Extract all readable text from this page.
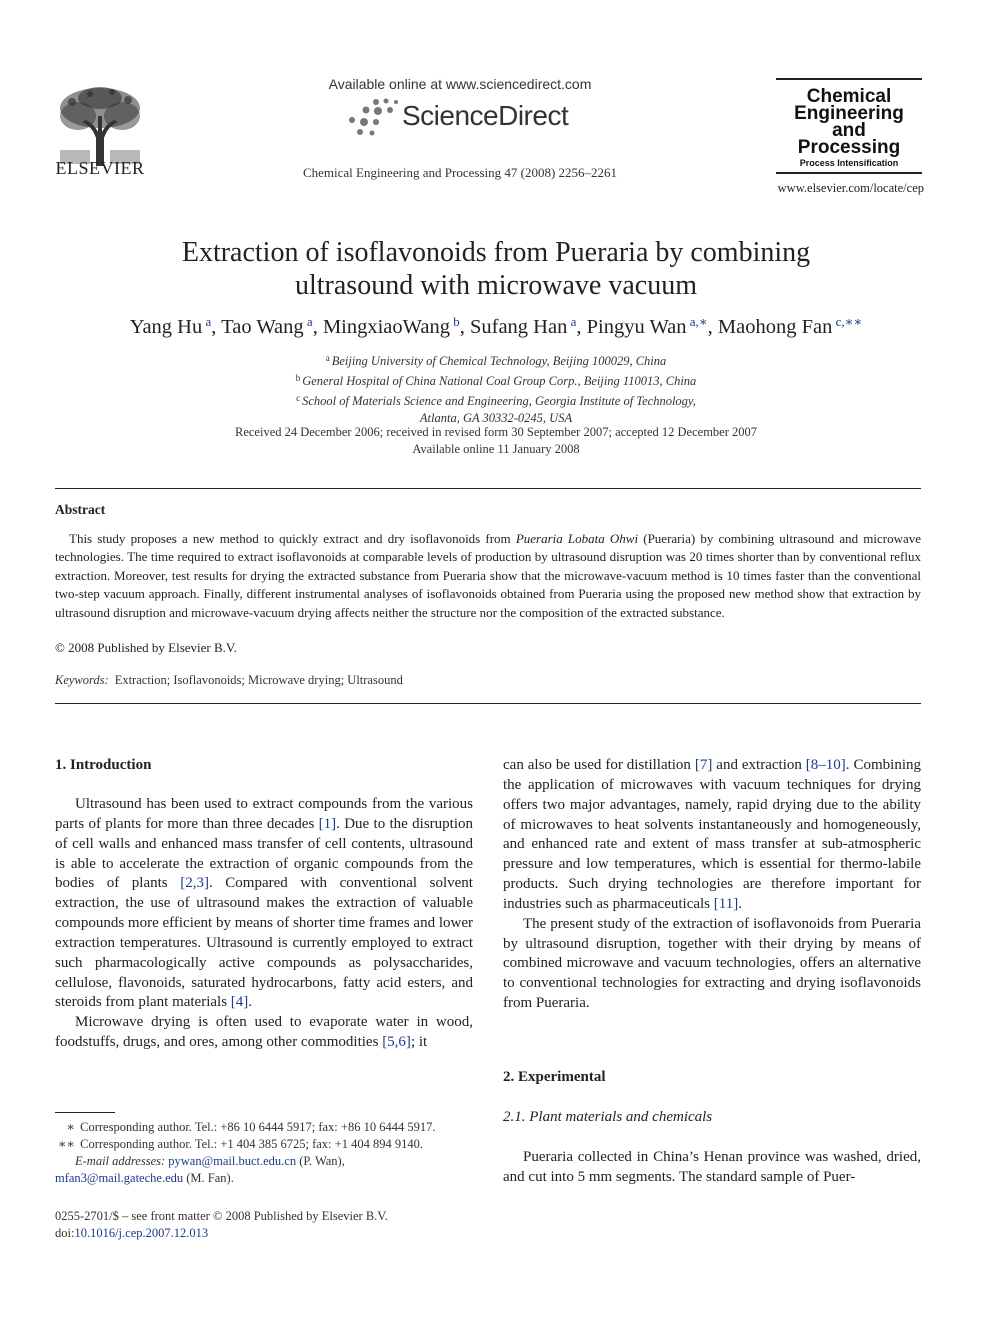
ELSEVIER
Available online at www.sciencedirect.com
ScienceDirect
Chemical Engineering and Processing 47 (2008) 2256–2261
Chemical
Engineering
and
Processing
Process Intensification
www.elsevier.com/locate/cep
Extraction of isoflavonoids from Pueraria by combining
ultrasound with microwave vacuum
Yang Hu $^a$, Tao Wang $^a$, MingxiaoWang $^b$, Sufang Han $^a$, Pingyu Wan $^{a,∗}$, Maohong Fan $^{c,∗∗}$
$^a$ Beijing University of Chemical Technology, Beijing 100029, China
$^b$ General Hospital of China National Coal Group Corp., Beijing 110013, China
$^c$ School of Materials Science and Engineering, Georgia Institute of Technology,
Atlanta, GA 30332-0245, USA
Received 24 December 2006; received in revised form 30 September 2007; accepted 12 December 2007
Available online 11 January 2008
Abstract
This study proposes a new method to quickly extract and dry isoflavonoids from Pueraria Lobata Ohwi (Pueraria) by combining ultrasound and microwave technologies. The time required to extract isoflavonoids at comparable levels of production by ultrasound disruption was 20 times shorter than by conventional reflux extraction. Moreover, test results for drying the extracted substance from Pueraria show that the microwave-vacuum method is 10 times faster than the conventional two-step vacuum approach. Finally, different instrumental analyses of isoflavonoids obtained from Pueraria using the proposed new method show that extraction by ultrasound disruption and microwave-vacuum drying affects neither the structure nor the composition of the extracted substance.
© 2008 Published by Elsevier B.V.
Keywords: Extraction; Isoflavonoids; Microwave drying; Ultrasound
1. Introduction

Ultrasound has been used to extract compounds from the various parts of plants for more than three decades [1]. Due to the disruption of cell walls and enhanced mass transfer of cell contents, ultrasound is able to accelerate the extraction of organic compounds from the bodies of plants [2,3]. Compared with conventional solvent extraction, the use of ultrasound makes the extraction of valuable compounds more efficient by means of shorter time frames and lower extraction temperatures. Ultrasound is currently employed to extract such pharmacologically active compounds as polysaccharides, cellulose, flavonoids, saturated hydrocarbons, fatty acid esters, and steroids from plant materials [4].

Microwave drying is often used to evaporate water in wood, foodstuffs, drugs, and ores, among other commodities [5,6]; it

can also be used for distillation [7] and extraction [8–10]. Combining the application of microwaves with vacuum techniques for drying offers two major advantages, namely, rapid drying due to the ability of microwaves to heat solvents instantaneously and homogeneously, and enhanced rate and extent of mass transfer at sub-atmospheric pressure and low temperatures, which is essential for thermo-labile products. Such drying technologies are therefore important for industries such as pharmaceuticals [11].

The present study of the extraction of isoflavonoids from Pueraria by ultrasound disruption, together with their drying by means of combined microwave and vacuum technologies, offers an alternative to conventional technologies for extracting and drying isoflavonoids from Pueraria.

2. Experimental
2.1. Plant materials and chemicals

Pueraria collected in China’s Henan province was washed, dried, and cut into 5 mm segments. The standard sample of Puer-

∗ Corresponding author. Tel.: +86 10 6444 5917; fax: +86 10 6444 5917.
∗∗ Corresponding author. Tel.: +1 404 385 6725; fax: +1 404 894 9140.
E-mail addresses: pywan@mail.buct.edu.cn (P. Wan),
mfan3@mail.gateche.edu (M. Fan).
0255-2701/$ – see front matter © 2008 Published by Elsevier B.V.
doi:10.1016/j.cep.2007.12.013
